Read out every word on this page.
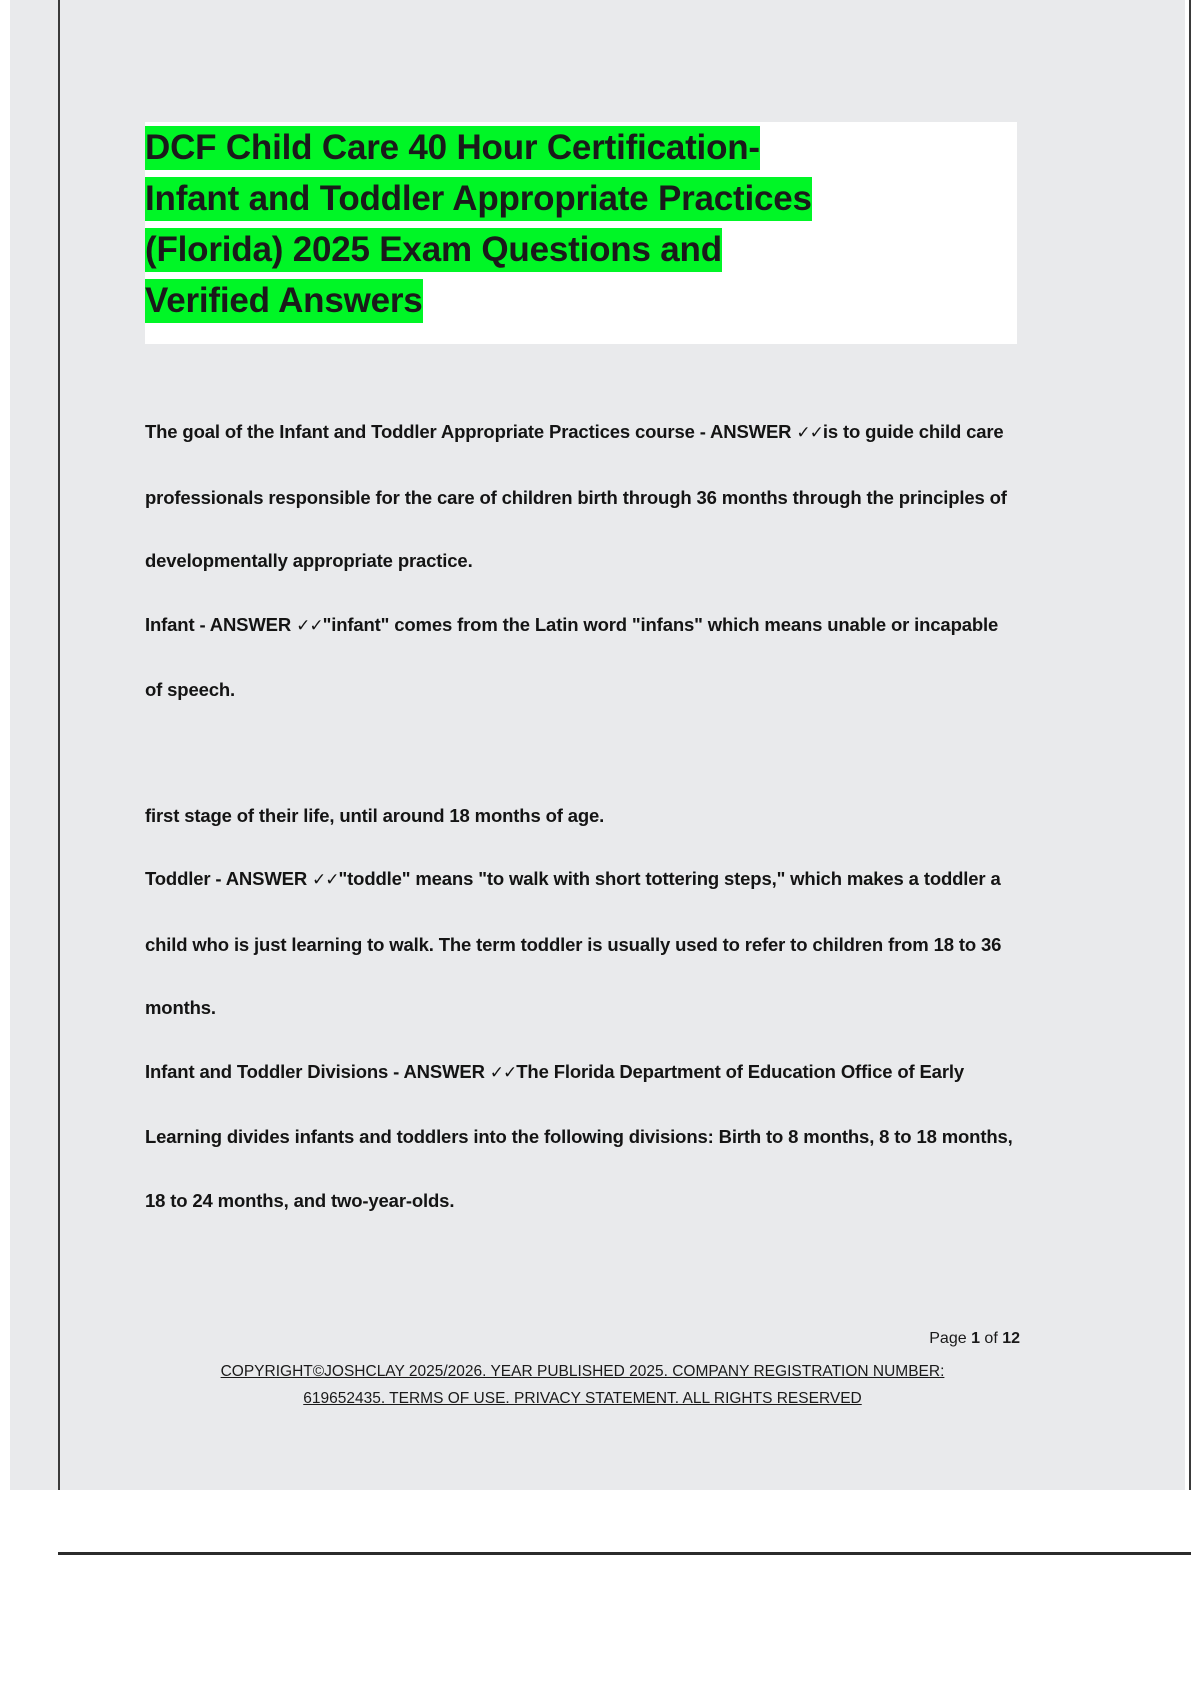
DCF Child Care 40 Hour Certification-
Infant and Toddler Appropriate Practices
(Florida) 2025 Exam Questions and
Verified Answers

The goal of the Infant and Toddler Appropriate Practices course - ANSWER ✓✓is to guide child care professionals responsible for the care of children birth through 36 months through the principles of developmentally appropriate practice.

Infant - ANSWER ✓✓"infant" comes from the Latin word "infans" which means unable or incapable of speech.

first stage of their life, until around 18 months of age.

Toddler - ANSWER ✓✓"toddle" means "to walk with short tottering steps," which makes a toddler a child who is just learning to walk. The term toddler is usually used to refer to children from 18 to 36 months.

Infant and Toddler Divisions - ANSWER ✓✓The Florida Department of Education Office of Early Learning divides infants and toddlers into the following divisions: Birth to 8 months, 8 to 18 months, 18 to 24 months, and two-year-olds.

Page 1 of 12
COPYRIGHT©JOSHCLAY 2025/2026. YEAR PUBLISHED 2025. COMPANY REGISTRATION NUMBER:
619652435. TERMS OF USE. PRIVACY STATEMENT. ALL RIGHTS RESERVED
